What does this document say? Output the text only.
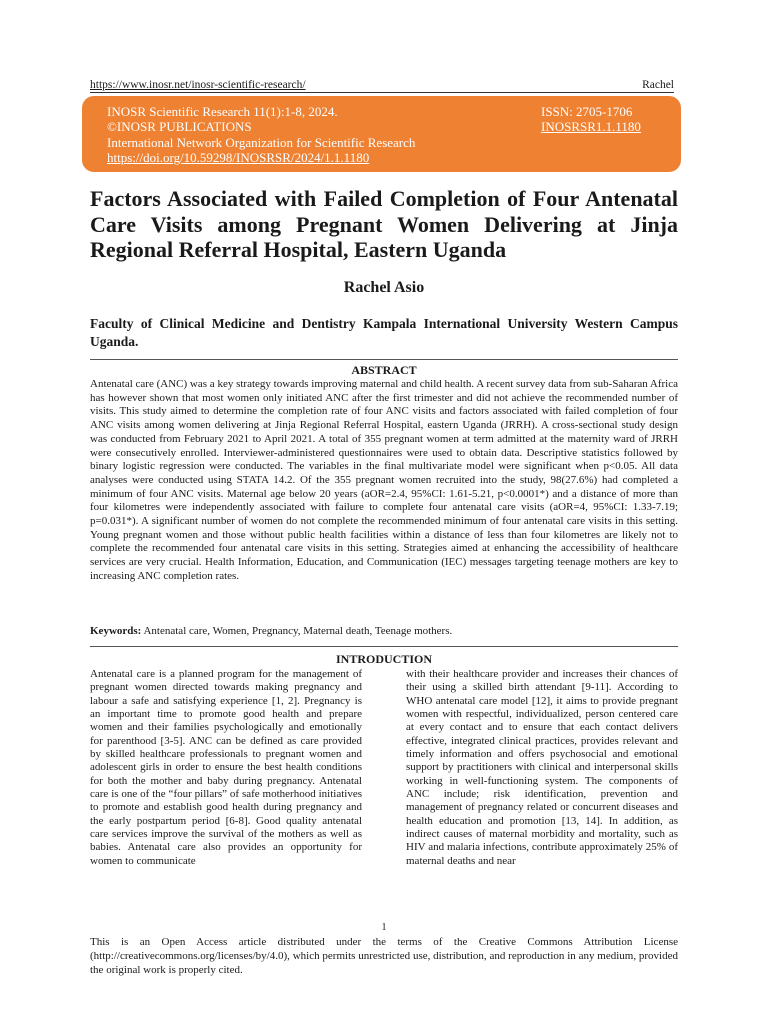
https://www.inosr.net/inosr-scientific-research/	Rachel
INOSR Scientific Research 11(1):1-8, 2024.
©INOSR PUBLICATIONS
International Network Organization for Scientific Research
https://doi.org/10.59298/INOSRSR/2024/1.1.1180
ISSN: 2705-1706
INOSRSR1.1.1180
Factors Associated with Failed Completion of Four Antenatal Care Visits among Pregnant Women Delivering at Jinja Regional Referral Hospital, Eastern Uganda
Rachel Asio

Faculty of Clinical Medicine and Dentistry Kampala International University Western Campus Uganda.

ABSTRACT

Antenatal care (ANC) was a key strategy towards improving maternal and child health. A recent survey data from sub-Saharan Africa has however shown that most women only initiated ANC after the first trimester and did not achieve the recommended number of visits. This study aimed to determine the completion rate of four ANC visits and factors associated with failed completion of four ANC visits among women delivering at Jinja Regional Referral Hospital, eastern Uganda (JRRH). A cross-sectional study design was conducted from February 2021 to April 2021. A total of 355 pregnant women at term admitted at the maternity ward of JRRH were consecutively enrolled. Interviewer-administered questionnaires were used to obtain data. Descriptive statistics followed by binary logistic regression were conducted. The variables in the final multivariate model were significant when p<0.05. All data analyses were conducted using STATA 14.2. Of the 355 pregnant women recruited into the study, 98(27.6%) had completed a minimum of four ANC visits. Maternal age below 20 years (aOR=2.4, 95%CI: 1.61-5.21, p<0.0001*) and a distance of more than four kilometres were independently associated with failure to complete four antenatal care visits (aOR=4, 95%CI: 1.33-7.19; p=0.031*). A significant number of women do not complete the recommended minimum of four antenatal care visits in this setting. Young pregnant women and those without public health facilities within a distance of less than four kilometres are likely not to complete the recommended four antenatal care visits in this setting. Strategies aimed at enhancing the accessibility of healthcare services are very crucial. Health Information, Education, and Communication (IEC) messages targeting teenage mothers are key to increasing ANC completion rates.

Keywords: Antenatal care, Women, Pregnancy, Maternal death, Teenage mothers.

INTRODUCTION

Antenatal care is a planned program for the management of pregnant women directed towards making pregnancy and labour a safe and satisfying experience [1, 2]. Pregnancy is an important time to promote good health and prepare women and their families psychologically and emotionally for parenthood [3-5]. ANC can be defined as care provided by skilled healthcare professionals to pregnant women and adolescent girls in order to ensure the best health conditions for both the mother and baby during pregnancy. Antenatal care is one of the “four pillars” of safe motherhood initiatives to promote and establish good health during pregnancy and the early postpartum period [6-8]. Good quality antenatal care services improve the survival of the mothers as well as babies. Antenatal care also provides an opportunity for women to communicate

with their healthcare provider and increases their chances of their using a skilled birth attendant [9-11]. According to WHO antenatal care model [12], it aims to provide pregnant women with respectful, individualized, person centered care at every contact and to ensure that each contact delivers effective, integrated clinical practices, provides relevant and timely information and offers psychosocial and emotional support by practitioners with clinical and interpersonal skills working in well-functioning system. The components of ANC include; risk identification, prevention and management of pregnancy related or concurrent diseases and health education and promotion [13, 14]. In addition, as indirect causes of maternal morbidity and mortality, such as HIV and malaria infections, contribute approximately 25% of maternal deaths and near

1

This is an Open Access article distributed under the terms of the Creative Commons Attribution License (http://creativecommons.org/licenses/by/4.0), which permits unrestricted use, distribution, and reproduction in any medium, provided the original work is properly cited.
